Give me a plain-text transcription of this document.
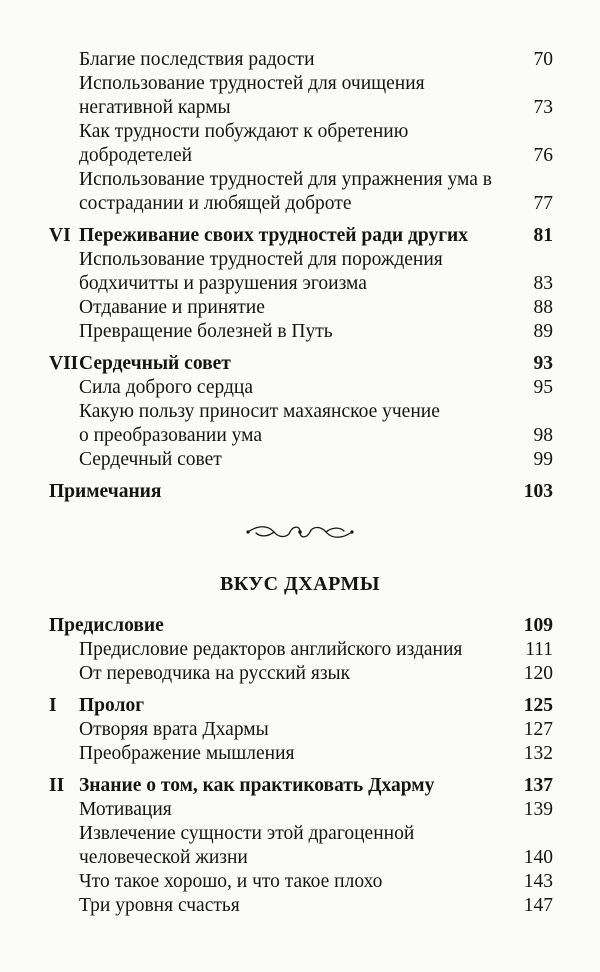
Благие последствия радости	70
Использование трудностей для очищения
негативной кармы	73
Как трудности побуждают к обретению
добродетелей	76
Использование трудностей для упражнения ума в
сострадании и любящей доброте	77
VI Переживание своих трудностей ради других	81
Использование трудностей для порождения
бодхичитты и разрушения эгоизма	83
Отдавание и принятие	88
Превращение болезней в Путь	89
VII Сердечный совет	93
Сила доброго сердца	95
Какую пользу приносит махаянское учение
о преобразовании ума	98
Сердечный совет	99
Примечания	103
ВКУС ДХАРМЫ
Предисловие	109
Предисловие редакторов английского издания	111
От переводчика на русский язык	120
I Пролог	125
Отворяя врата Дхармы	127
Преображение мышления	132
II Знание о том, как практиковать Дхарму	137
Мотивация	139
Извлечение сущности этой драгоценной
человеческой жизни	140
Что такое хорошо, и что такое плохо	143
Три уровня счастья	147
